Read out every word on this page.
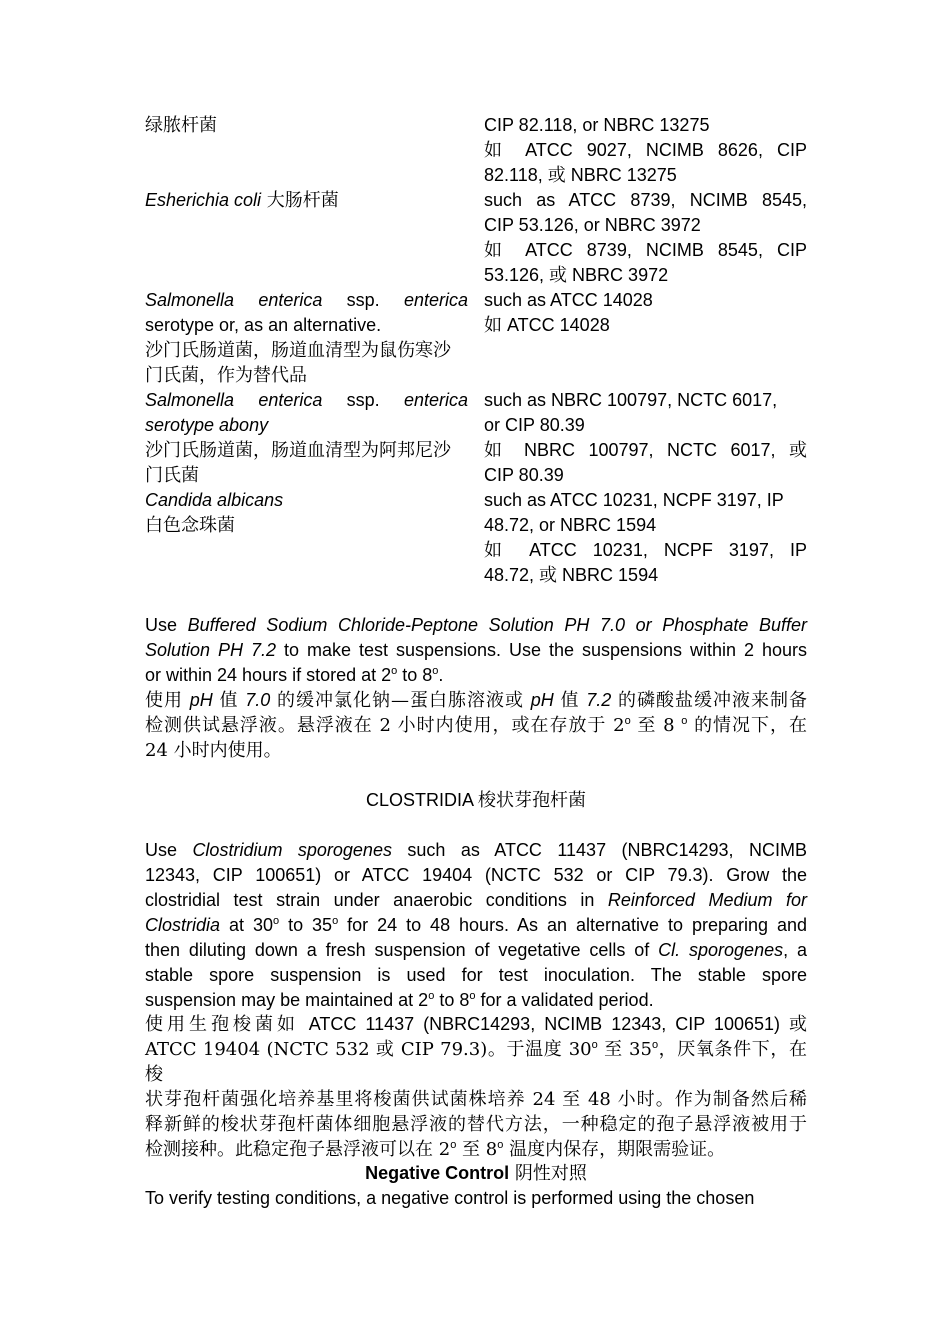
绿脓杆菌	CIP 82.118, or NBRC 13275
如 ATCC 9027, NCIMB 8626, CIP
82.118, 或 NBRC 13275
Esherichia coli 大肠杆菌	such as ATCC 8739, NCIMB 8545,
CIP 53.126, or NBRC 3972
如 ATCC 8739, NCIMB 8545, CIP
53.126, 或 NBRC 3972
Salmonella enterica ssp. enterica
serotype or, as an alternative.
沙门氏肠道菌，肠道血清型为鼠伤寒沙
门氏菌，作为替代品
such as ATCC 14028
如 ATCC 14028
Salmonella enterica ssp. enterica
serotype abony
沙门氏肠道菌，肠道血清型为阿邦尼沙
门氏菌
such as NBRC 100797, NCTC 6017,
or CIP 80.39
如 NBRC 100797, NCTC 6017, 或
CIP 80.39
Candida albicans
白色念珠菌
such as ATCC 10231, NCPF 3197, IP
48.72, or NBRC 1594
如 ATCC 10231, NCPF 3197, IP
48.72, 或 NBRC 1594
Use Buffered Sodium Chloride-Peptone Solution PH 7.0 or Phosphate Buffer
Solution PH 7.2 to make test suspensions. Use the suspensions within 2 hours
or within 24 hours if stored at 2$^o$ to 8$^o$.
使用 pH 值 7.0 的缓冲氯化钠—蛋白胨溶液或 pH 值 7.2 的磷酸盐缓冲液来制备
检测供试悬浮液。悬浮液在 2 小时内使用，或在存放于 2$^o$ 至 8 $^o$ 的情况下，在
24 小时内使用。
CLOSTRIDIA 梭状芽孢杆菌
Use Clostridium sporogenes such as ATCC 11437 (NBRC14293, NCIMB
12343, CIP 100651) or ATCC 19404 (NCTC 532 or CIP 79.3). Grow the
clostridial test strain under anaerobic conditions in Reinforced Medium for
Clostridia at 30$^o$ to 35$^o$ for 24 to 48 hours. As an alternative to preparing and
then diluting down a fresh suspension of vegetative cells of Cl. sporogenes, a
stable spore suspension is used for test inoculation. The stable spore
suspension may be maintained at 2$^o$ to 8$^o$ for a validated period.
使用生孢梭菌如 ATCC 11437 (NBRC14293, NCIMB 12343, CIP 100651) 或
ATCC 19404 (NCTC 532 或 CIP 79.3)。于温度 30$^o$ 至 35$^o$，厌氧条件下，在梭
状芽孢杆菌强化培养基里将梭菌供试菌株培养 24 至 48 小时。作为制备然后稀
释新鲜的梭状芽孢杆菌体细胞悬浮液的替代方法，一种稳定的孢子悬浮液被用于
检测接种。此稳定孢子悬浮液可以在 2$^o$ 至 8$^o$ 温度内保存，期限需验证。
Negative Control 阴性对照
To verify testing conditions, a negative control is performed using the chosen
